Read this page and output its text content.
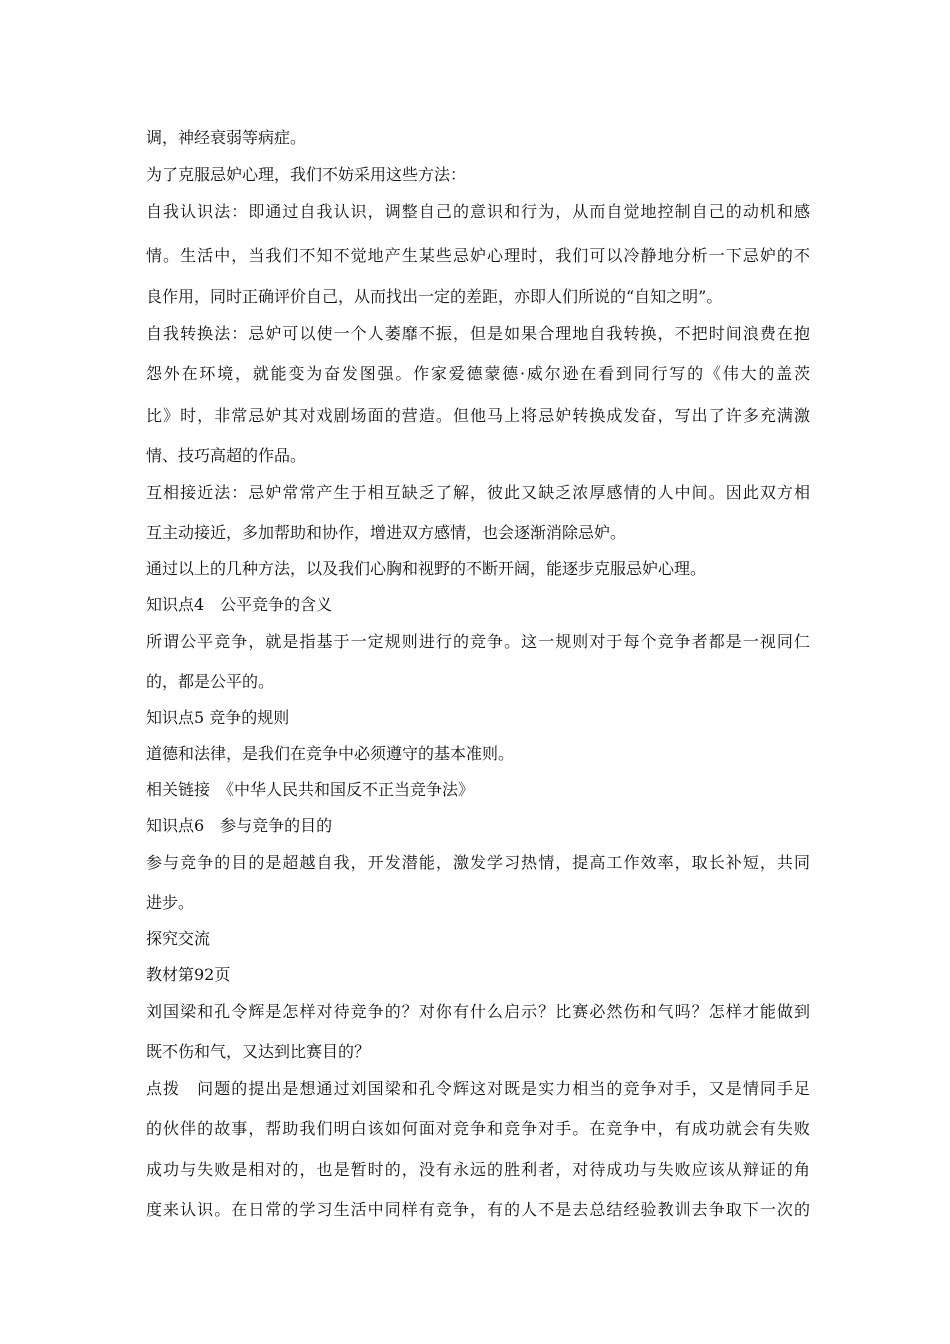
调，神经衰弱等病症。
为了克服忌妒心理，我们不妨采用这些方法：
自我认识法：即通过自我认识，调整自己的意识和行为，从而自觉地控制自己的动机和感
情。生活中，当我们不知不觉地产生某些忌妒心理时，我们可以冷静地分析一下忌妒的不
良作用，同时正确评价自己，从而找出一定的差距，亦即人们所说的“自知之明”。
自我转换法：忌妒可以使一个人萎靡不振，但是如果合理地自我转换，不把时间浪费在抱
怨外在环境，就能变为奋发图强。作家爱德蒙德·威尔逊在看到同行写的《伟大的盖茨
比》时，非常忌妒其对戏剧场面的营造。但他马上将忌妒转换成发奋，写出了许多充满激
情、技巧高超的作品。
互相接近法：忌妒常常产生于相互缺乏了解，彼此又缺乏浓厚感情的人中间。因此双方相
互主动接近，多加帮助和协作，增进双方感情，也会逐渐消除忌妒。
通过以上的几种方法，以及我们心胸和视野的不断开阔，能逐步克服忌妒心理。
知识点4　公平竞争的含义
所谓公平竞争，就是指基于一定规则进行的竞争。这一规则对于每个竞争者都是一视同仁
的，都是公平的。
知识点5 竞争的规则
道德和法律，是我们在竞争中必须遵守的基本准则。
相关链接　《中华人民共和国反不正当竞争法》
知识点6　参与竞争的目的
参与竞争的目的是超越自我，开发潜能，激发学习热情，提高工作效率，取长补短，共同
进步。
探究交流
教材第92页
刘国梁和孔令辉是怎样对待竞争的？对你有什么启示？比赛必然伤和气吗？怎样才能做到
既不伤和气，又达到比赛目的？
点拨　问题的提出是想通过刘国梁和孔令辉这对既是实力相当的竞争对手，又是情同手足
的伙伴的故事，帮助我们明白该如何面对竞争和竞争对手。在竞争中，有成功就会有失败
成功与失败是相对的，也是暂时的，没有永远的胜利者，对待成功与失败应该从辩证的角
度来认识。在日常的学习生活中同样有竞争，有的人不是去总结经验教训去争取下一次的
